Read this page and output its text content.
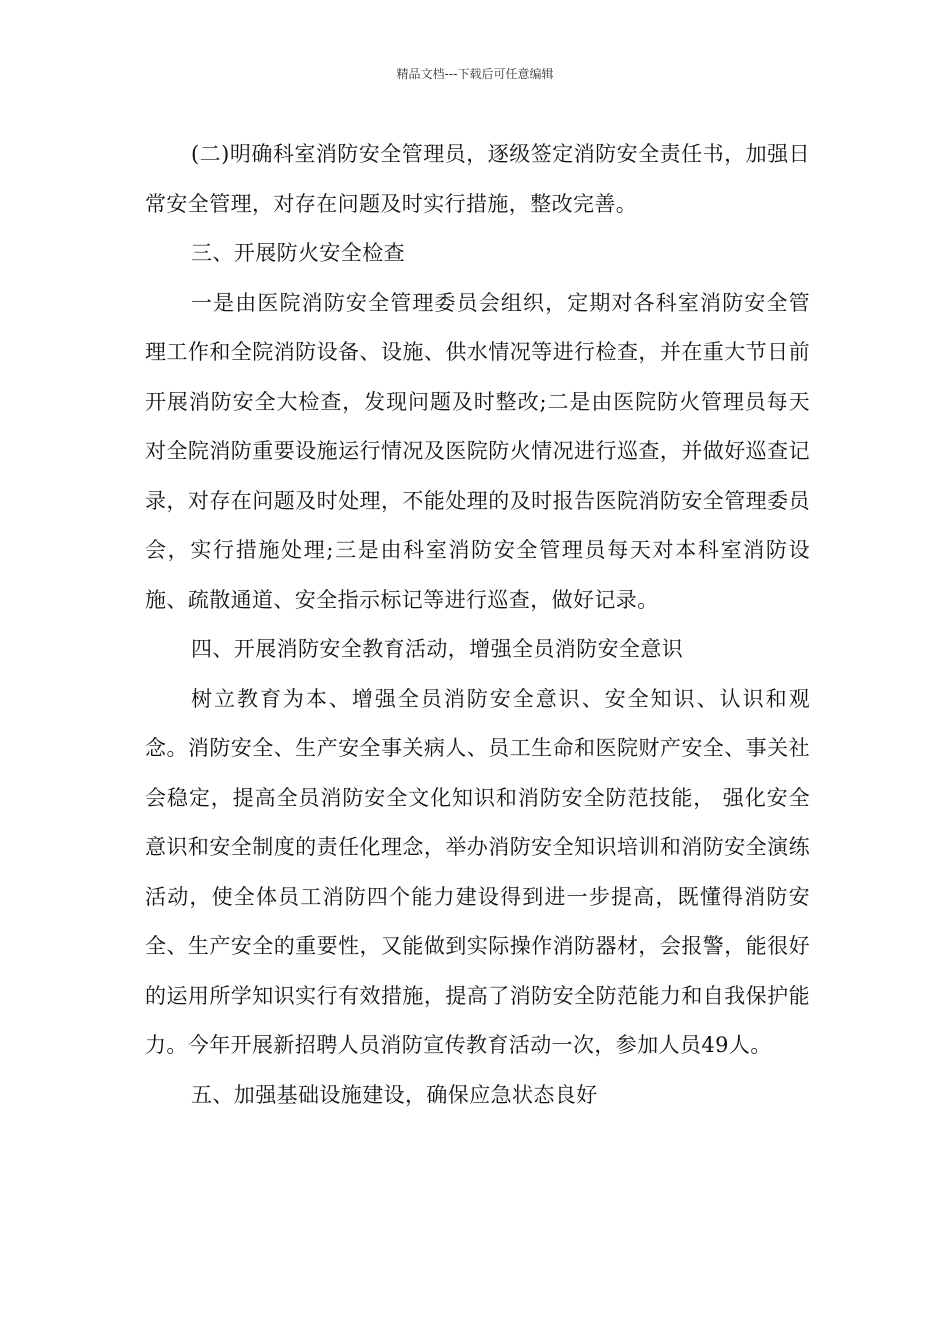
精品文档---下载后可任意编辑

(二)明确科室消防安全管理员，逐级签定消防安全责任书，加强日常安全管理，对存在问题及时实行措施，整改完善。

三、开展防火安全检查

一是由医院消防安全管理委员会组织，定期对各科室消防安全管理工作和全院消防设备、设施、供水情况等进行检查，并在重大节日前开展消防安全大检查，发现问题及时整改;二是由医院防火管理员每天对全院消防重要设施运行情况及医院防火情况进行巡查，并做好巡查记录，对存在问题及时处理，不能处理的及时报告医院消防安全管理委员会，实行措施处理;三是由科室消防安全管理员每天对本科室消防设施、疏散通道、安全指示标记等进行巡查，做好记录。

四、开展消防安全教育活动，增强全员消防安全意识

树立教育为本、增强全员消防安全意识、安全知识、认识和观念。消防安全、生产安全事关病人、员工生命和医院财产安全、事关社会稳定，提高全员消防安全文化知识和消防安全防范技能， 强化安全意识和安全制度的责任化理念，举办消防安全知识培训和消防安全演练活动，使全体员工消防四个能力建设得到进一步提高，既懂得消防安全、生产安全的重要性，又能做到实际操作消防器材，会报警，能很好的运用所学知识实行有效措施，提高了消防安全防范能力和自我保护能力。今年开展新招聘人员消防宣传教育活动一次，参加人员49人。

五、加强基础设施建设，确保应急状态良好
